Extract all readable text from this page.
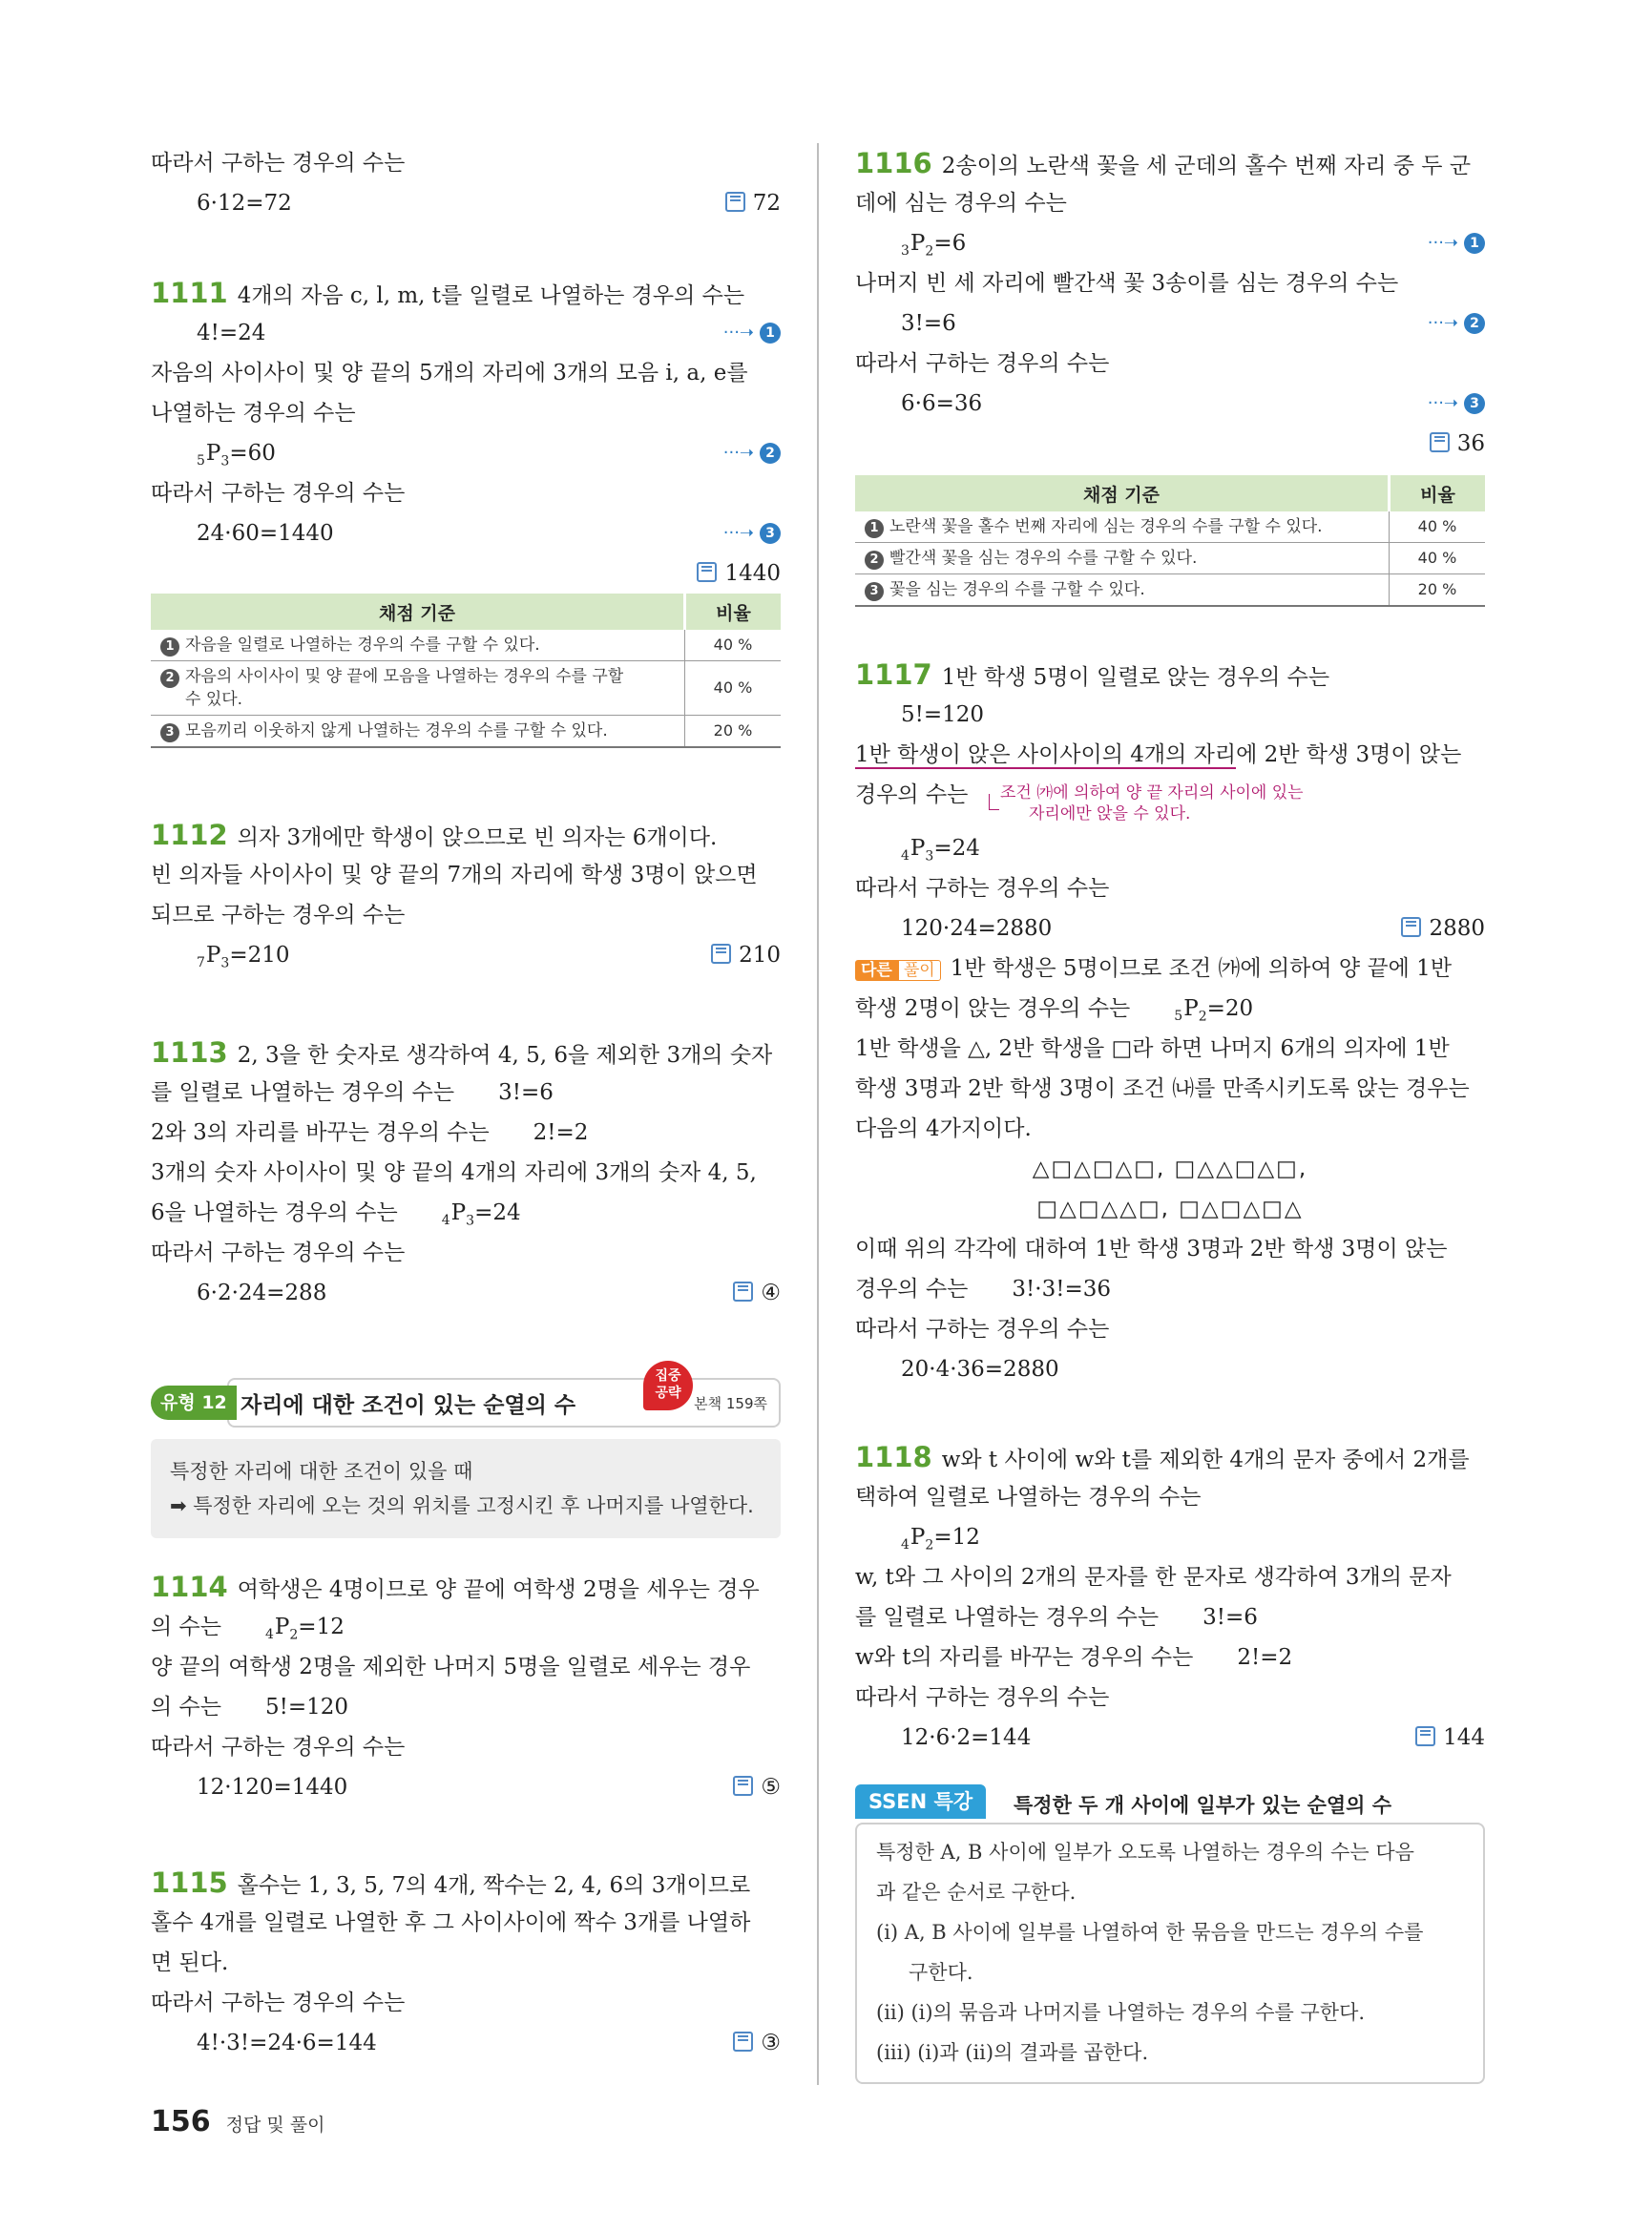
따라서 구하는 경우의 수는
6·12=72	72
1111 4개의 자음 c, l, m, t를 일렬로 나열하는 경우의 수는
4!=24	···➝ 1
자음의 사이사이 및 양 끝의 5개의 자리에 3개의 모음 i, a, e를
나열하는 경우의 수는
$_5P_3=60$	···➝ 2
따라서 구하는 경우의 수는
24·60=1440	···➝ 3
1440
채점 기준	비율
1 자음을 일렬로 나열하는 경우의 수를 구할 수 있다.	40 %
2 자음의 사이사이 및 양 끝에 모음을 나열하는 경우의 수를 구할
수 있다.	40 %
3 모음끼리 이웃하지 않게 나열하는 경우의 수를 구할 수 있다.	20 %
1112 의자 3개에만 학생이 앉으므로 빈 의자는 6개이다.
빈 의자들 사이사이 및 양 끝의 7개의 자리에 학생 3명이 앉으면
되므로 구하는 경우의 수는
$_7P_3=210$	210
1113 2, 3을 한 숫자로 생각하여 4, 5, 6을 제외한 3개의 숫자
를 일렬로 나열하는 경우의 수는 3!=6
2와 3의 자리를 바꾸는 경우의 수는 2!=2
3개의 숫자 사이사이 및 양 끝의 4개의 자리에 3개의 숫자 4, 5,
6을 나열하는 경우의 수는	$_4P_3=24$
따라서 구하는 경우의 수는
6·2·24=288	④
자리에 대한 조건이 있는 순열의 수	본책 159쪽
집중
공략
유형 12
특정한 자리에 대한 조건이 있을 때
➡ 특정한 자리에 오는 것의 위치를 고정시킨 후 나머지를 나열한다.
1114 여학생은 4명이므로 양 끝에 여학생 2명을 세우는 경우
의 수는	$_4P_2=12$
양 끝의 여학생 2명을 제외한 나머지 5명을 일렬로 세우는 경우
의 수는 5!=120
따라서 구하는 경우의 수는
12·120=1440	⑤
1115 홀수는 1, 3, 5, 7의 4개, 짝수는 2, 4, 6의 3개이므로
홀수 4개를 일렬로 나열한 후 그 사이사이에 짝수 3개를 나열하
면 된다.
따라서 구하는 경우의 수는
4!·3!=24·6=144	③
1116 2송이의 노란색 꽃을 세 군데의 홀수 번째 자리 중 두 군
데에 심는 경우의 수는
$_3P_2=6$	···➝ 1
나머지 빈 세 자리에 빨간색 꽃 3송이를 심는 경우의 수는
3!=6	···➝ 2
따라서 구하는 경우의 수는
6·6=36	···➝ 3
36
채점 기준	비율
1 노란색 꽃을 홀수 번째 자리에 심는 경우의 수를 구할 수 있다.	40 %
2 빨간색 꽃을 심는 경우의 수를 구할 수 있다.	40 %
3 꽃을 심는 경우의 수를 구할 수 있다.	20 %
1117 1반 학생 5명이 일렬로 앉는 경우의 수는
5!=120
1반 학생이 앉은 사이사이의 4개의 자리에 2반 학생 3명이 앉는
경우의 수는 조건 ㈎에 의하여 양 끝 자리의 사이에 있는
자리에만 앉을 수 있다.
$_4P_3=24$
따라서 구하는 경우의 수는
120·24=2880	2880
다른 풀이 1반 학생은 5명이므로 조건 ㈎에 의하여 양 끝에 1반
학생 2명이 앉는 경우의 수는	$_5P_2=20$
1반 학생을 △, 2반 학생을 □라 하면 나머지 6개의 의자에 1반
학생 3명과 2반 학생 3명이 조건 ㈏를 만족시키도록 앉는 경우는
다음의 4가지이다.
△□△□△□, □△△□△□,
□△□△△□, □△□△□△
이때 위의 각각에 대하여 1반 학생 3명과 2반 학생 3명이 앉는
경우의 수는 3!·3!=36
따라서 구하는 경우의 수는
20·4·36=2880
1118 w와 t 사이에 w와 t를 제외한 4개의 문자 중에서 2개를
택하여 일렬로 나열하는 경우의 수는
$_4P_2=12$
w, t와 그 사이의 2개의 문자를 한 문자로 생각하여 3개의 문자
를 일렬로 나열하는 경우의 수는 3!=6
w와 t의 자리를 바꾸는 경우의 수는 2!=2
따라서 구하는 경우의 수는
12·6·2=144	144
SSEN 특강	특정한 두 개 사이에 일부가 있는 순열의 수
특정한 A, B 사이에 일부가 오도록 나열하는 경우의 수는 다음
과 같은 순서로 구한다.
(i) A, B 사이에 일부를 나열하여 한 묶음을 만드는 경우의 수를
구한다.
(ii) (i)의 묶음과 나머지를 나열하는 경우의 수를 구한다.
(iii) (i)과 (ii)의 결과를 곱한다.
156 정답 및 풀이
